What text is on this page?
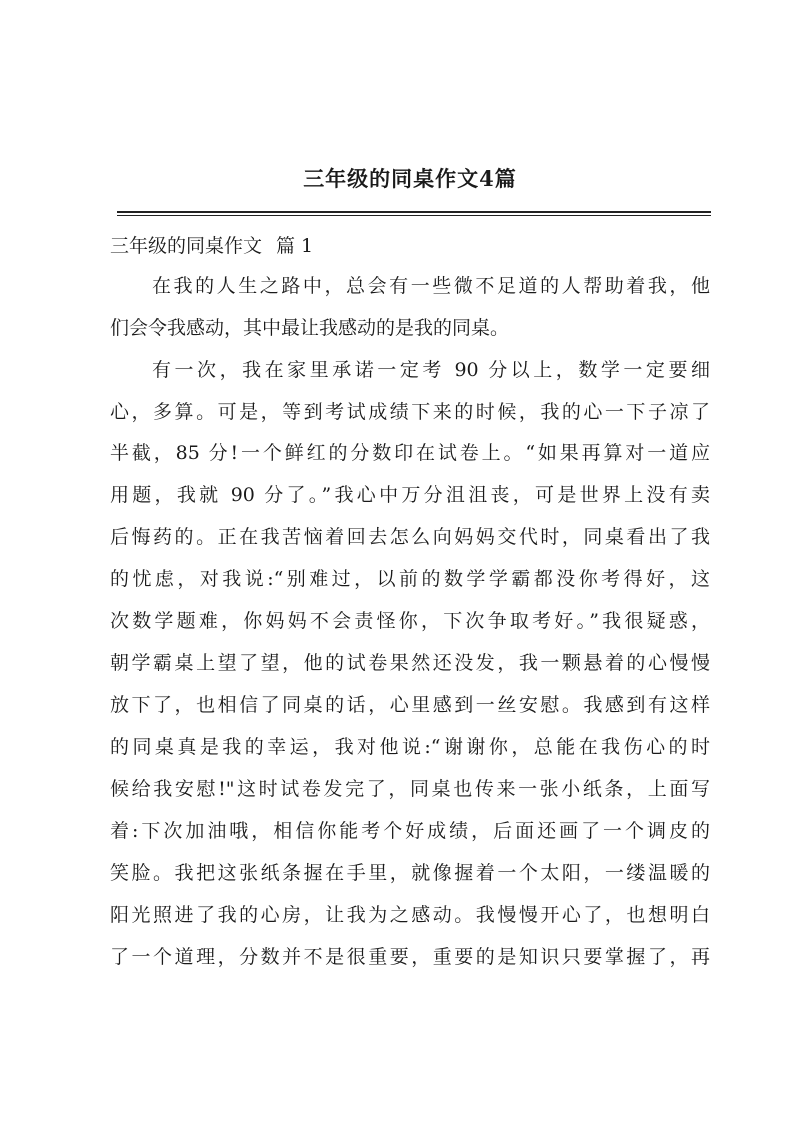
三年级的同桌作文4篇

三年级的同桌作文 篇 1

在我的人生之路中，总会有一些微不足道的人帮助着我，他

们会令我感动，其中最让我感动的是我的同桌。

有一次，我在家里承诺一定考 90 分以上，数学一定要细

心，多算。可是，等到考试成绩下来的时候，我的心一下子凉了

半截，85 分!一个鲜红的分数印在试卷上。“如果再算对一道应

用题，我就 90 分了。”我心中万分沮沮丧，可是世界上没有卖

后悔药的。正在我苦恼着回去怎么向妈妈交代时，同桌看出了我

的忧虑，对我说:“别难过，以前的数学学霸都没你考得好，这

次数学题难，你妈妈不会责怪你，下次争取考好。”我很疑惑，

朝学霸桌上望了望，他的试卷果然还没发，我一颗悬着的心慢慢

放下了，也相信了同桌的话，心里感到一丝安慰。我感到有这样

的同桌真是我的幸运，我对他说:“谢谢你，总能在我伤心的时

候给我安慰!"这时试卷发完了，同桌也传来一张小纸条，上面写

着:下次加油哦，相信你能考个好成绩，后面还画了一个调皮的

笑脸。我把这张纸条握在手里，就像握着一个太阳，一缕温暖的

阳光照进了我的心房，让我为之感动。我慢慢开心了，也想明白

了一个道理，分数并不是很重要，重要的是知识只要掌握了，再
